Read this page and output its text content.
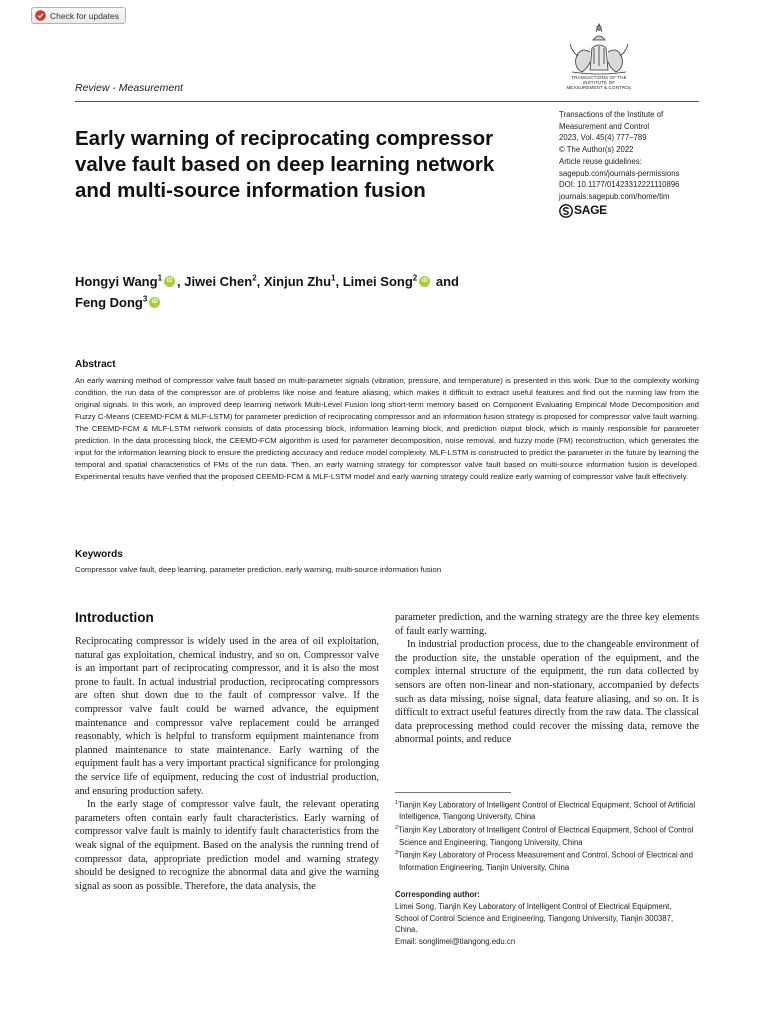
Check for updates
TRANSACTIONS OF THE
INSTITUTE OF
MEASUREMENT & CONTROL
Review - Measurement
Early warning of reciprocating compressor valve fault based on deep learning network and multi-source information fusion
Transactions of the Institute of
Measurement and Control
2023, Vol. 45(4) 777–789
© The Author(s) 2022
Article reuse guidelines:
sagepub.com/journals-permissions
DOI: 10.1177/01423312221110896
journals.sagepub.com/home/tim
SAGE
Hongyi Wang$^1$ iD , Jiwei Chen$^2$, Xinjun Zhu$^1$, Limei Song$^2$ iD and
Feng Dong$^3$ iD
Abstract

An early warning method of compressor valve fault based on multi-parameter signals (vibration, pressure, and temperature) is presented in this work. Due to the complexity working condition, the run data of the compressor are of problems like noise and feature aliasing, which makes it difficult to extract useful features and find out the running law from the original signals. In this work, an improved deep learning network Multi-Level Fusion long short-term memory based on Component Evaluating Empirical Mode Decomposition and Fuzzy C-Means (CEEMD-FCM & MLF-LSTM) for parameter prediction of reciprocating compressor and an information fusion strategy is proposed for compressor valve fault warning. The CEEMD-FCM & MLF-LSTM network consists of data processing block, information learning block, and prediction output block, which is mainly responsible for parameter prediction. In the data processing block, the CEEMD-FCM algorithm is used for parameter decomposition, noise removal, and fuzzy mode (FM) reconstruction, which generates the input for the information learning block to ensure the predicting accuracy and reduce model complexity. MLF-LSTM is constructed to predict the parameter in the future by learning the temporal and spatial characteristics of FMs of the run data. Then, an early warning strategy for compressor valve fault based on multi-source information fusion is developed. Experimental results have verified that the proposed CEEMD-FCM & MLF-LSTM model and early warning strategy could realize early warning of compressor valve fault effectively.

Keywords
Compressor valve fault, deep learning, parameter prediction, early warning, multi-source information fusion
Introduction

Reciprocating compressor is widely used in the area of oil exploitation, natural gas exploitation, chemical industry, and so on. Compressor valve is an important part of reciprocating compressor, and it is also the most prone to fault. In actual industrial production, reciprocating compressors are often shut down due to the fault of compressor valve. If the compressor valve fault could be warned advance, the equipment maintenance and compressor valve replacement could be arranged reasonably, which is helpful to transform equipment maintenance from planned maintenance to state maintenance. Early warning of the equipment fault has a very important practical significance for prolonging the service life of equipment, reducing the cost of industrial production, and ensuring production safety.

In the early stage of compressor valve fault, the relevant operating parameters often contain early fault characteristics. Early warning of compressor valve fault is mainly to identify fault characteristics from the weak signal of the equipment. Based on the analysis the running trend of compressor data, appropriate prediction model and warning strategy should be designed to recognize the abnormal data and give the warning signal as soon as possible. Therefore, the data analysis, the

parameter prediction, and the warning strategy are the three key elements of fault early warning.

In industrial production process, due to the changeable environment of the production site, the unstable operation of the equipment, and the complex internal structure of the equipment, the run data collected by sensors are often non-linear and non-stationary, accompanied by defects such as data missing, noise signal, data feature aliasing, and so on. It is difficult to extract useful features directly from the raw data. The classical data preprocessing method could recover the missing data, remove the abnormal points, and reduce

$^1$Tianjin Key Laboratory of Intelligent Control of Electrical Equipment, School of Artificial Intelligence, Tiangong University, China
$^2$Tianjin Key Laboratory of Intelligent Control of Electrical Equipment, School of Control Science and Engineering, Tiangong University, China
$^3$Tianjin Key Laboratory of Process Measurement and Control, School of Electrical and Information Engineering, Tianjin University, China
Corresponding author:
Limei Song, Tianjin Key Laboratory of Intelligent Control of Electrical Equipment, School of Control Science and Engineering, Tiangong University, Tianjin 300387, China.
Email: songlimei@tiangong.edu.cn
